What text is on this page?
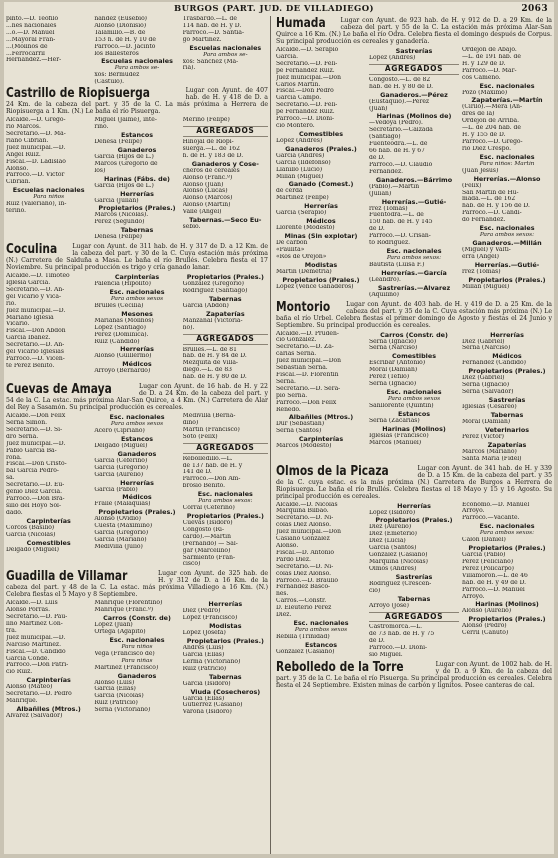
BURGOS (PART. JUD. DE VILLADIEGO)	2063
pinto.—D. Teófilo
...nes nacionales
...o.—D. Manuel
...Mayoral Fran-
...(Molinos de
...Ferrocarril
Hernández.—Her-
nández (Eusebio)
Alonso (Dionisio)
Talamillo.—B. de
153 h. de H. y 10 de
Párroco.—D. Jacinto
los Ballesteros
Escuelas nacionales
Para ambos se-
xos: Bermúdez
(Cástulo).
Trasbardo.—L. de
114 hab. de H. y D.
Párroco.—D. Santia-
go Martínez.
Escuelas nacionales
Para ambos se-
xos: Sánchez (Ma-
ría).
Castrillo de Riopisuerga	Lugar con Ayunt. de 407 hab. de H. y 418 de D. a 24 Km. de la cabeza del part. y 35 de la C. La más próxima a Herrera de Riopisuerga a 1 Km. (N.) Le baña el río Pisuerga.
Alcalde.—D. Grego-
rio Marcos.
Secretario.—D. Ma-
riano Cibrián.
Juez municipal.—D.
Ángel Ruiz.
Fiscal.—D. Ladislao
Alonso.
Párroco.—D. Víctor
Cibrián.
Escuelas nacionales
Para niños
Ruiz (Valeriano), in-
terino.
Miguel (Jaime), inte-
rino.
Estancos
Dehesa (Felipe)
Ganaderos
García (Hijos de L.)
Marcos (Gregorio de
los)
Harinas (Fábs. de)
García (Hijos de L.)
Herrerías
García (Julián)
Propietarios (Prales.)
Marcos (Nicolás).
Pérez (Segundo)
Tabernas
Dehesa (Felipe)
Merino (Felipe)
AGREGADOS
Hinojal de Riopi-
suerga.—L. de 162
h. de H. y 183 de D.
Ganaderos y Cose-
cheros de cereales
Alonso (Franc.º)
Alonso (Juan)
Alonso (Lucas)
Alonso (Marcos)
Alonso (Martín)
Valle (Ángel)
Tabernas.—Seco Eu-
sebio.
Coculina	Lugar con Ayunt. de 311 hab. de H. y 317 de D. a 12 Km. de la cabeza del part. y 30 de la C. Cuya estación más próxima (N.) Carretera de Salduña a Masa. Le baña el río Brullés. Celebra fiesta el 17 Noviembre. Su principal producción es trigo y cría ganado lanar.
Alcalde.—D. Timoteo
Iglesia García.
Secretario.—D. An-
gel Vicario y Vica-
rio.
Juez municipal.—D.
Mariano Iglesia
Vicario.
Fiscal.—Don Abdón
García Ibáñez.
Secretario.—D. Án-
gel Vicario Iglesias
Párroco.—D. Vicen-
te Pérez Benito.
Carpinterías
Palencia (Hipólito)
Esc. nacionales
Para ambos sexos
Brullés (Cecilia)
Mesones
Marianas (Molinos)
López (Santiago)
Pérez (Dominica).
Ruiz (Cándido)
Herrerías
Alonso (Guillermo)
Médicos
Arroyo (Bernardo)
Propietarios (Prales.)
Gonzalez (Gregorio)
Rodríguez (Santiago)
Tabernas
García (Abdón)
Zapaterías
Manzanal (Victoria-
no).
AGREGADOS
Brullés.—L. de 81
hab. de H. y 84 de D.
Mezquita de Villa-
diego.—L. de 83
hab. de H. y 80 de D.
Cuevas de Amaya	Lugar con Ayunt. de 16 hab. de H. y 22 de D. a 24 Km. de la cabeza del part. y 54 de la C. La estac. más próxima Alar-San Quirce, a 4 Km. (N.) Carretera de Alar del Rey a Sasamón. Su principal producción es cereales.
Alcalde.—Don Félix
Serna Simón.
Secretario.—D. Si-
dro Serna.
Juez municipal.—D.
Pablo García Ba-
rona.
Fiscal.—Don Cristó-
bal García Pedro-
sa.
Secretario.—D. Eu-
genio Díez García.
Párroco.—Don Bra-
silio del Hoyo Sol-
dado.
Carpinterías
Corcos (Basilio)
García (Nicolás)
Comestibles
Delgado (Miguel)
Esc. nacionales
Para ambos sexos
Acero (Cipriano)
Estancos
Delgado (Miguel)
Ganaderos
García (Ceferino)
García (Gregorio)
García (Aurelio)
Herrerías
García (Pablo)
Médicos
Fraile (Malaquías)
Propietarios (Prales.)
Alonso (Ovidio)
Cuesta (Maximino)
García (Gregorio)
García (Mariano)
Medivilla (Julio)
Medivilla (Berna-
dino)
Martín (Francisco)
Soto (Félix)
AGREGADOS
Rebolledillo.—L.
de 137 hab. de H. y
141 de D.
Párroco.—Don Am-
brosio Benito.
Esc. nacionales
Para ambos sexos:
Corral (Ceferino)
Propietarios (Prales.)
Cuevas (Isidoro)
Congosto (Ri-
cardo).—Martín
(Fernando) — Sal-
gar (Marcelino)
Sarmiento (Fran-
cisco)
Guadilla de Villamar	Lugar con Ayunt. de 325 hab. de H. y 312 de D. a 16 Km. de la cabeza del part. y 48 de la C. La estac. más próxima Villadiego a 16 Km. (N.) Celebra fiestas el 5 Mayo y 8 Septiembre.
Alcalde.—D. Luis
Alonso Porras.
Secretario.—D. Pau-
lino Martínez Con-
tra.
Juez municipal.—D.
Narciso Martínez.
Fiscal.—D. Cándido
García Conde.
Párroco.—Don Patri-
cio Ruiz.
Carpinterías
Alonso (Mateo)
Secretario.—D. Pedro
Manrique.
Albañiles (Mtros.)
Alvarez (Salvador)
Manrique (Florentino)
Manrique (Franc.º)
Carros (Constr. de)
López (Juan)
Ortega (Agapito)
Esc. nacionales
Para niños
Vega (Francisco de)
Para niñas
Martínez (Francisco)
Ganaderos
Alonso (Luis)
García (Ellas)
García (Nicolás)
Ruiz (Patricio)
Serna (Victoriano)
Herrerías
Díez (Pedro)
López (Francisco)
Modistas
López (Josefa)
Propietarios (Prales.)
Andrés (Luis)
García (Ellas)
Lerma (Victoriano)
Ruiz (Patricio)
Tabernas
García (Isidoro)
Viuda (Cosecheros)
García (Ellas)
Gutiérrez (Casiano)
Varona (Isidoro)
Humada	Lugar con Ayunt. de 923 hab. de H. y 912 de D. a 29 Km. de la cabeza del part. y 55 de la C. La estación más próxima Alar-San Quirce a 16 Km. (N.) Le baña el río Odra. Celebra fiesta el domingo después de Corpus. Su principal producción es cereales y ganadería.
Alcalde.—D. Serapio
García.
Secretario.—D. Feli-
pe Fernández Ruiz.
Juez municipal.—Don
Carlos Martín.
Fiscal.—Don Pedro
García Campo.
Secretario.—D. Feli-
pe Fernández Ruiz.
Párroco.—D. Dioni-
cio Montero.
Comestibles
López (Andrés)
Ganaderos (Prales.)
García (Andrés)
García (Ildefonso)
Llanillo (Lucio)
Millán (Miguel)
Ganado (Comest.)
de cerda
Martínez (Felipe)
Herrerías
García (Serapio)
Médicos
Llorente (Modesto)
Minas (Sin explotar)
De carbón
«Paulita»
«Ros de Orejón»
Modistas
Martín (Demetria)
Propietarios (Prales.)
López (Vence Ganaderos)
Sastrerías
López (Andrés)
AGREGADOS
Congosto.—L. de 82
hab. de H. y 80 de D.
Ganaderos.—Pérez
(Eustaquio).—Pérez
(Juan)
Harinas (Molinos de)
—Vedoya (Pedro).
Secretario.—Caizada
(Santiago)
Fuenteodra.—L. de
66 hab. de H. y 67
de D.
Párroco.—D. Claudio
Fernández.
Ganaderos.—Bárrimo
(Pablo).—Martín
(Julián)
Herrerías.—Gutié-
rrez (Tomás)
Fuentodra.—L. de
150 hab. de H. y 145
de D.
Párroco.—D. Crisan-
to Rodríguez.
Esc. nacionales
Para ambos sexos:
Bautista (Luisa F.)
Herrerías.—García
(Leandro).
Sastrerías.—Alvarez
(Aquilino)
Ordejón de Abajo.
—L. de 191 hab. de
H. y 129 de D.
Párroco.—D. Mar-
cos Cameno.
Esc. nacionales
Pozo (Máximo)
Zapaterías.—Martín
(Cirilo).—Mera (An-
drés de la)
Ordejón de Arriba.
—L. de 204 hab. de
H. y 155 de D.
Párroco.—D. Grego-
rio Díez Crespo.
Esc. nacionales
Para niños: Martín
(Juan Jesús)
Herrerías.—Alonso
(Félix)
San Martín de Hu-
mada.—L. de 162
hab. de H. y 156 de D.
Párroco.—D. Cándi-
do Fernández.
Esc. nacionales
Para ambos sexos:
Ganaderos.—Millán
(Miguel) y Valti-
erra (Ángel)
Herrerías.—Gutié-
rrez (Tomás)
Propietarios (Prales.)
Millán (Miguel)
Montorio	Lugar con Ayunt. de 403 hab. de H. y 419 de D. a 25 Km. de la cabeza del part. y 35 de la C. Cuya estación más próxima (N.) Le baña el río Urbel. Celebra fiestas el primer domingo de Agosto y fiestas el 24 Junio y Septiembre. Su principal producción es cereales.
Alcalde.—D. Pruden-
cio González.
Secretario.—D. Za-
carías Serna.
Juez municipal.—Don
Sebastián Serna.
Fiscal.—D. Florentín
Serna.
Secretario.—D. Sera-
pio Serna.
Párroco.—Don Félix
Renedo.
Albañiles (Mtros.)
Dur (Sebastián)
Serna (Santos)
Carpinterías
Marcos (Modesto)
Carros (Constr. de)
Serna (Ignacio)
Serna (Narciso)
Comestibles
Escribar (Antonio)
Moral (Damián)
Pérez (Tefilo)
Serna (Ignacio)
Esc. nacionales
Para ambos sexos
Sanllorente (Quintín)
Estancos
Serna (Zacarías)
Harinas (Molinos)
Iglesias (Francisco)
Marcos (Manuel)
Herrerías
Diez (Gabriel)
Serna (Narciso)
Médicos
Fernández (Cándido)
Propietarios (Prales.)
Diez (Gabriel)
Serna (Ignacio)
Serna (Salvador)
Sastrerías
Iglesias (Cesáreo)
Tabernas
Moral (Damián)
Veterinarios
Pérez (Víctor)
Zapaterías
Marcos (Mariano)
Santa María (Fidel)
Olmos de la Picaza	Lugar con Ayunt. de 341 hab. de H. y 339 de D. a 15 Km. de la cabeza del part. y 35 de la C. cuya estac. es la más próxima (N.) Carretera de Burgos a Herrera de Riopisuerga. Le baña el río Brullés. Celebra fiestas el 18 Mayo y 15 y 16 Agosto. Su principal producción es cereales.
Alcalde.—D. Nicolás
Marquina Bilbao.
Secretario.—D. Ni-
colás Díez Alonso.
Juez municipal.—Don
Casiano González
Alonso.
Fiscal.—D. Antonio
Pardo Díez.
Secretario.—D. Ni-
colás Díez Alonso.
Párroco.—D. Braulio
Fernández Basco-
nes.
Carros.—Constr.
D. Eleuterio Pérez
Díez.
Esc. nacionales
Para ambos sexos
Rebilla (Trinidad)
Estancos
González (Casiano)
Herrerías
López (Isidoro)
Propietarios (Prales.)
Díez (Aurelio)
Díez (Emeterio)
Díez (Lucía)
García (Santos)
González (Casiano)
Marquina (Nicolás)
Olmos (Andrés)
Sastrerías
Rodríguez (Crescen-
cio)
Tabernas
Arroyo (José)
AGREGADOS
Castromorca.—L.
de 73 hab. de H. y 75
de D.
Párroco.—D. Dioni-
sio Miguel.
Ecónomo.—D. Manuel
Arroyo.
Párroco.—Vacante.
Esc. nacionales
Para ambos sexos:
Calón (Daniel)
Propietarios (Prales.)
García (Pablo)
Pérez (Feliciano)
Pérez (Policarpo)
Villamorón.—L. de 46
hab. de H. y 49 de D.
Párroco.—D. Manuel
Arroyo.
Harinas (Molinos)
Alonso (Aurelio)
Propietarios (Prales.)
Alonso (Pedro)
Cerril (Canuto)
Rebolledo de la Torre	Lugar con Ayunt. de 1002 hab. de H. y de D. a 9 Km. de la cabeza del part. y 35 de la C. Le baña el río Pisuerga. Su principal producción es cereales. Celebra fiesta el 24 Septiembre. Existen minas de carbón y lignitos. Posee canteras de cal.
